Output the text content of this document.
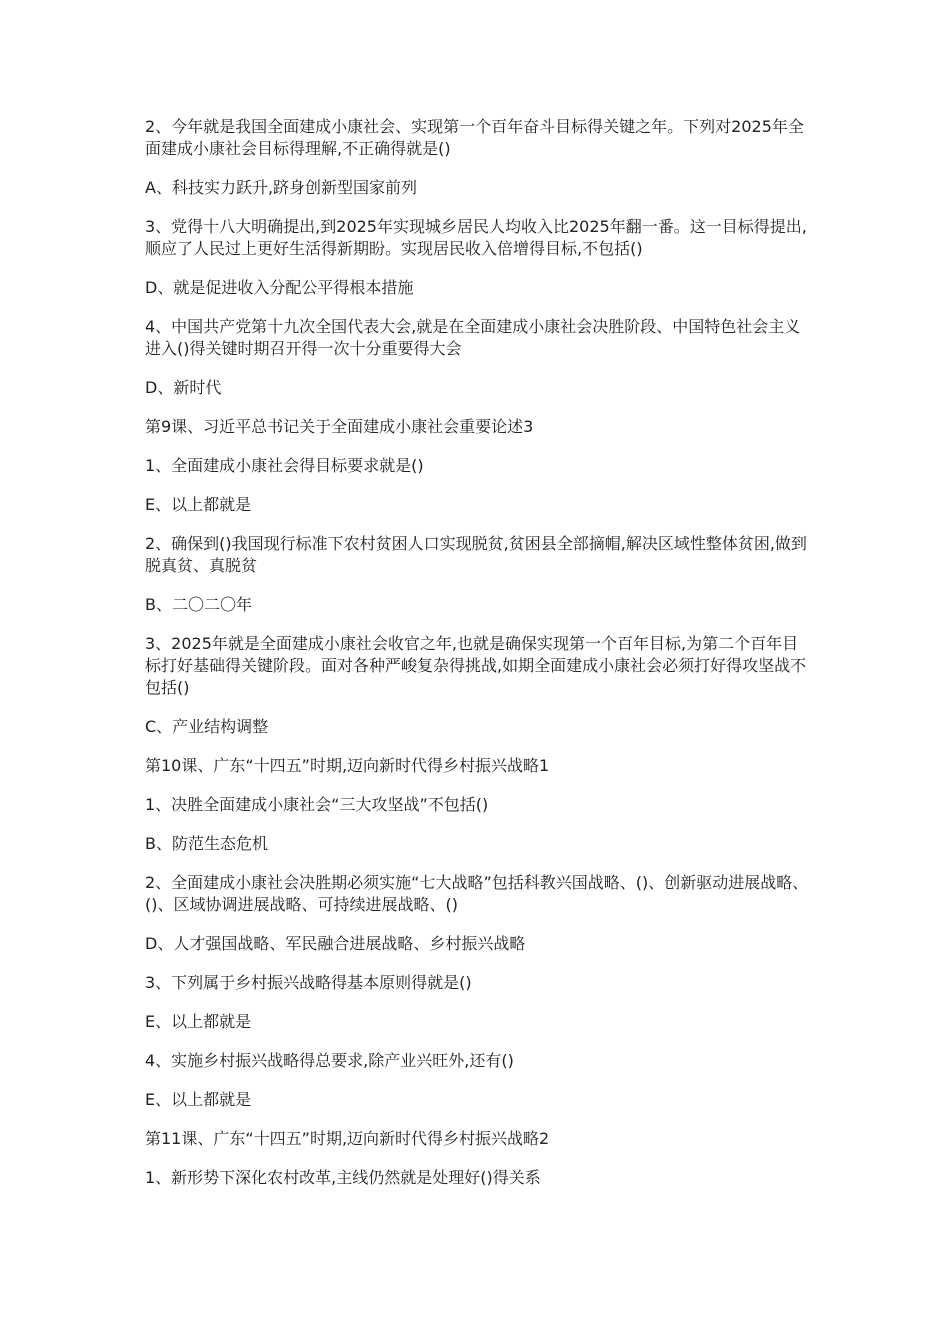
2、今年就是我国全面建成小康社会、实现第一个百年奋斗目标得关键之年。下列对2025年全面建成小康社会目标得理解,不正确得就是()

A、科技实力跃升,跻身创新型国家前列

3、党得十八大明确提出,到2025年实现城乡居民人均收入比2025年翻一番。这一目标得提出,顺应了人民过上更好生活得新期盼。实现居民收入倍增得目标,不包括()

D、就是促进收入分配公平得根本措施

4、中国共产党第十九次全国代表大会,就是在全面建成小康社会决胜阶段、中国特色社会主义进入()得关键时期召开得一次十分重要得大会

D、新时代

第9课、习近平总书记关于全面建成小康社会重要论述3

1、全面建成小康社会得目标要求就是()

E、以上都就是

2、确保到()我国现行标准下农村贫困人口实现脱贫,贫困县全部摘帽,解决区域性整体贫困,做到脱真贫、真脱贫

B、二〇二〇年

3、2025年就是全面建成小康社会收官之年,也就是确保实现第一个百年目标,为第二个百年目标打好基础得关键阶段。面对各种严峻复杂得挑战,如期全面建成小康社会必须打好得攻坚战不包括()

C、产业结构调整

第10课、广东“十四五”时期,迈向新时代得乡村振兴战略1

1、决胜全面建成小康社会“三大攻坚战”不包括()

B、防范生态危机

2、全面建成小康社会决胜期必须实施“七大战略”包括科教兴国战略、()、创新驱动进展战略、()、区域协调进展战略、可持续进展战略、()

D、人才强国战略、军民融合进展战略、乡村振兴战略

3、下列属于乡村振兴战略得基本原则得就是()

E、以上都就是

4、实施乡村振兴战略得总要求,除产业兴旺外,还有()

E、以上都就是

第11课、广东“十四五”时期,迈向新时代得乡村振兴战略2

1、新形势下深化农村改革,主线仍然就是处理好()得关系
